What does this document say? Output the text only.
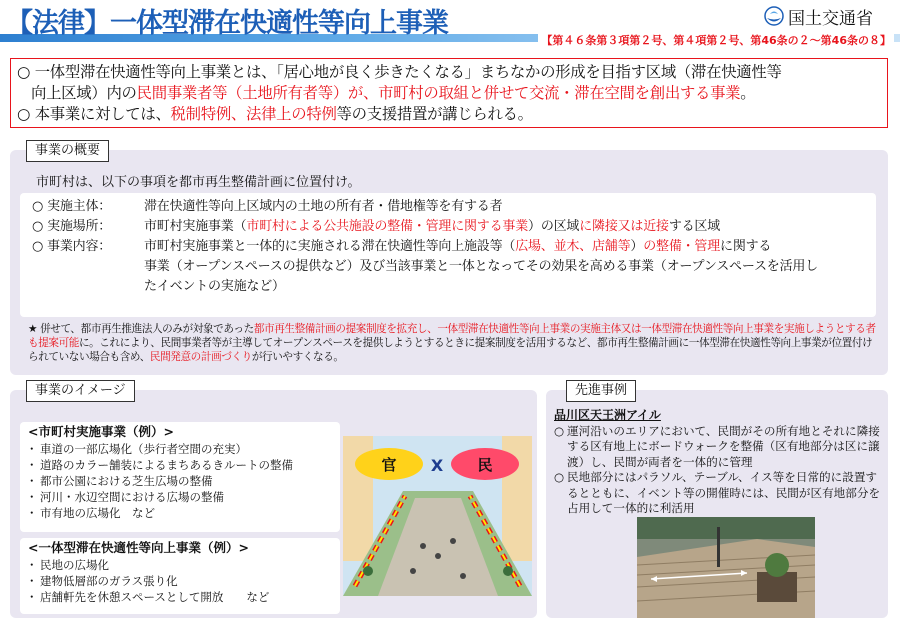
【法律】一体型滞在快適性等向上事業	国土交通省
【第４６条第３項第２号、第４項第２号、第46条の２～第46条の８】

○ 一体型滞在快適性等向上事業とは、「居心地が良く歩きたくなる」まちなかの形成を目指す区域（滞在快適性等

向上区域）内の民間事業者等（土地所有者等）が、市町村の取組と併せて交流・滞在空間を創出する事業。

○ 本事業に対しては、税制特例、法律上の特例等の支援措置が講じられる。

事業の概要
市町村は、以下の事項を都市再生整備計画に位置付け。
○ 実施主体：	滞在快適性等向上区域内の土地の所有者・借地権等を有する者
○ 実施場所：	市町村実施事業（市町村による公共施設の整備・管理に関する事業）の区域に隣接又は近接する区域
○ 事業内容：	市町村実施事業と一体的に実施される滞在快適性等向上施設等（広場、並木、店舗等）の整備・管理に関する
事業（オープンスペースの提供など）及び当該事業と一体となってその効果を高める事業（オープンスペースを活用し
たイベントの実施など）
★ 併せて、都市再生推進法人のみが対象であった都市再生整備計画の提案制度を拡充し、一体型滞在快適性等向上事業の実施主体又は一体型滞在快適性等向上事業を実施しようとする者も提案可能に。これにより、民間事業者等が主導してオープンスペースを提供しようとするときに提案制度を活用するなど、都市再生整備計画に一体型滞在快適性等向上事業が位置付けられていない場合も含め、民間発意の計画づくりが行いやすくなる。
事業のイメージ
<市町村実施事業（例）>
・ 車道の一部広場化（歩行者空間の充実）
・ 道路のカラー舗装によるまちあるきルートの整備
・ 都市公園における芝生広場の整備
・ 河川・水辺空間における広場の整備
・ 市有地の広場化　など
<一体型滞在快適性等向上事業（例）>
・ 民地の広場化
・ 建物低層部のガラス張り化
・ 店舗軒先を休憩スペースとして開放　　など
官 X 民
先進事例
品川区天王洲アイル
○ 運河沿いのエリアにおいて、民間がその所有地とそれに隣接する区有地上にボードウォークを整備（区有地部分は区に譲渡）し、民間が両者を一体的に管理
○ 民地部分にはパラソル、テーブル、イス等を日常的に設置するとともに、イベント等の開催時には、民間が区有地部分を占用して一体的に利活用
